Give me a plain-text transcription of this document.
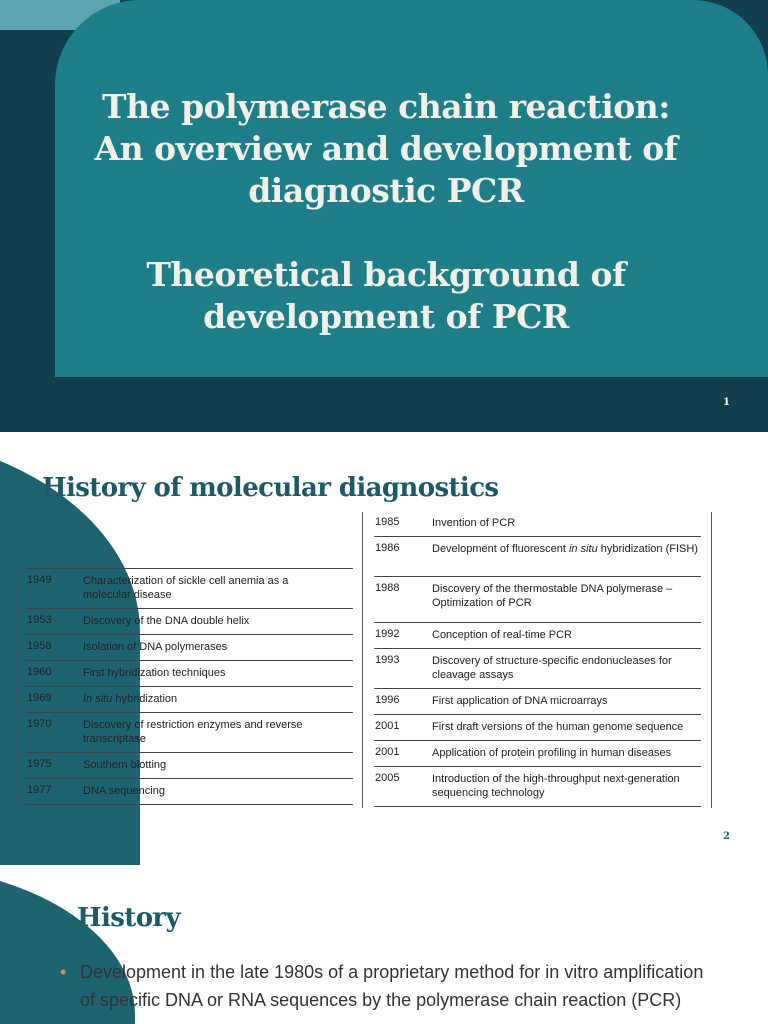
The polymerase chain reaction:
An overview and development of
diagnostic PCR
Theoretical background of
development of PCR
1
History of molecular diagnostics
1949	Characterization of sickle cell anemia as a molecular disease
1953	Discovery of the DNA double helix
1958	Isolation of DNA polymerases
1960	First hybridization techniques
1969	In situ hybridization
1970	Discovery of restriction enzymes and reverse transcriptase
1975	Southern blotting
1977	DNA sequencing
1985	Invention of PCR
1986	Development of fluorescent in situ hybridization (FISH)
1988	Discovery of the thermostable DNA polymerase – Optimization of PCR
1992	Conception of real-time PCR
1993	Discovery of structure-specific endonucleases for cleavage assays
1996	First application of DNA microarrays
2001	First draft versions of the human genome sequence
2001	Application of protein profiling in human diseases
2005	Introduction of the high-throughput next-generation sequencing technology
2
History
• Development in the late 1980s of a proprietary method for in vitro amplification of specific DNA or RNA sequences by the polymerase chain reaction (PCR)
